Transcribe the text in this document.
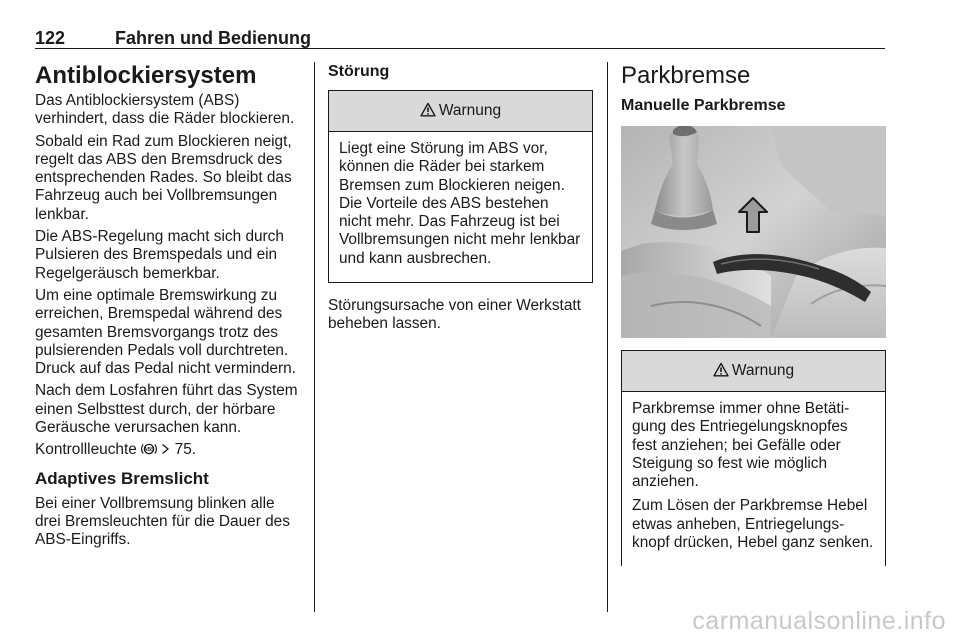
122	Fahren und Bedienung
Antiblockiersystem

Das Antiblockiersystem (ABS) verhindert, dass die Räder blockieren.

Sobald ein Rad zum Blockieren neigt, regelt das ABS den Bremsdruck des entsprechenden Rades. So bleibt das Fahrzeug auch bei Vollbremsungen lenkbar.

Die ABS-Regelung macht sich durch Pulsieren des Bremspedals und ein Regelgeräusch bemerkbar.

Um eine optimale Bremswirkung zu erreichen, Bremspedal während des gesamten Bremsvorgangs trotz des pulsierenden Pedals voll durchtreten. Druck auf das Pedal nicht vermindern.

Nach dem Losfahren führt das System einen Selbsttest durch, der hörbare Geräusche verursachen kann.

Kontrollleuchte ABS 75.

Adaptives Bremslicht

Bei einer Vollbremsung blinken alle drei Bremsleuchten für die Dauer des ABS-Eingriffs.

Störung
Warnung

Liegt eine Störung im ABS vor, können die Räder bei starkem Bremsen zum Blockieren neigen. Die Vorteile des ABS bestehen nicht mehr. Das Fahrzeug ist bei Vollbremsungen nicht mehr lenkbar und kann ausbrechen.

Störungsursache von einer Werkstatt beheben lassen.

Parkbremse
Manuelle Parkbremse
Warnung

Parkbremse immer ohne Betätigung des Entriegelungsknopfes fest anziehen; bei Gefälle oder Steigung so fest wie möglich anziehen.

Zum Lösen der Parkbremse Hebel etwas anheben, Entriegelungsknopf drücken, Hebel ganz senken.

carmanualsonline.info
